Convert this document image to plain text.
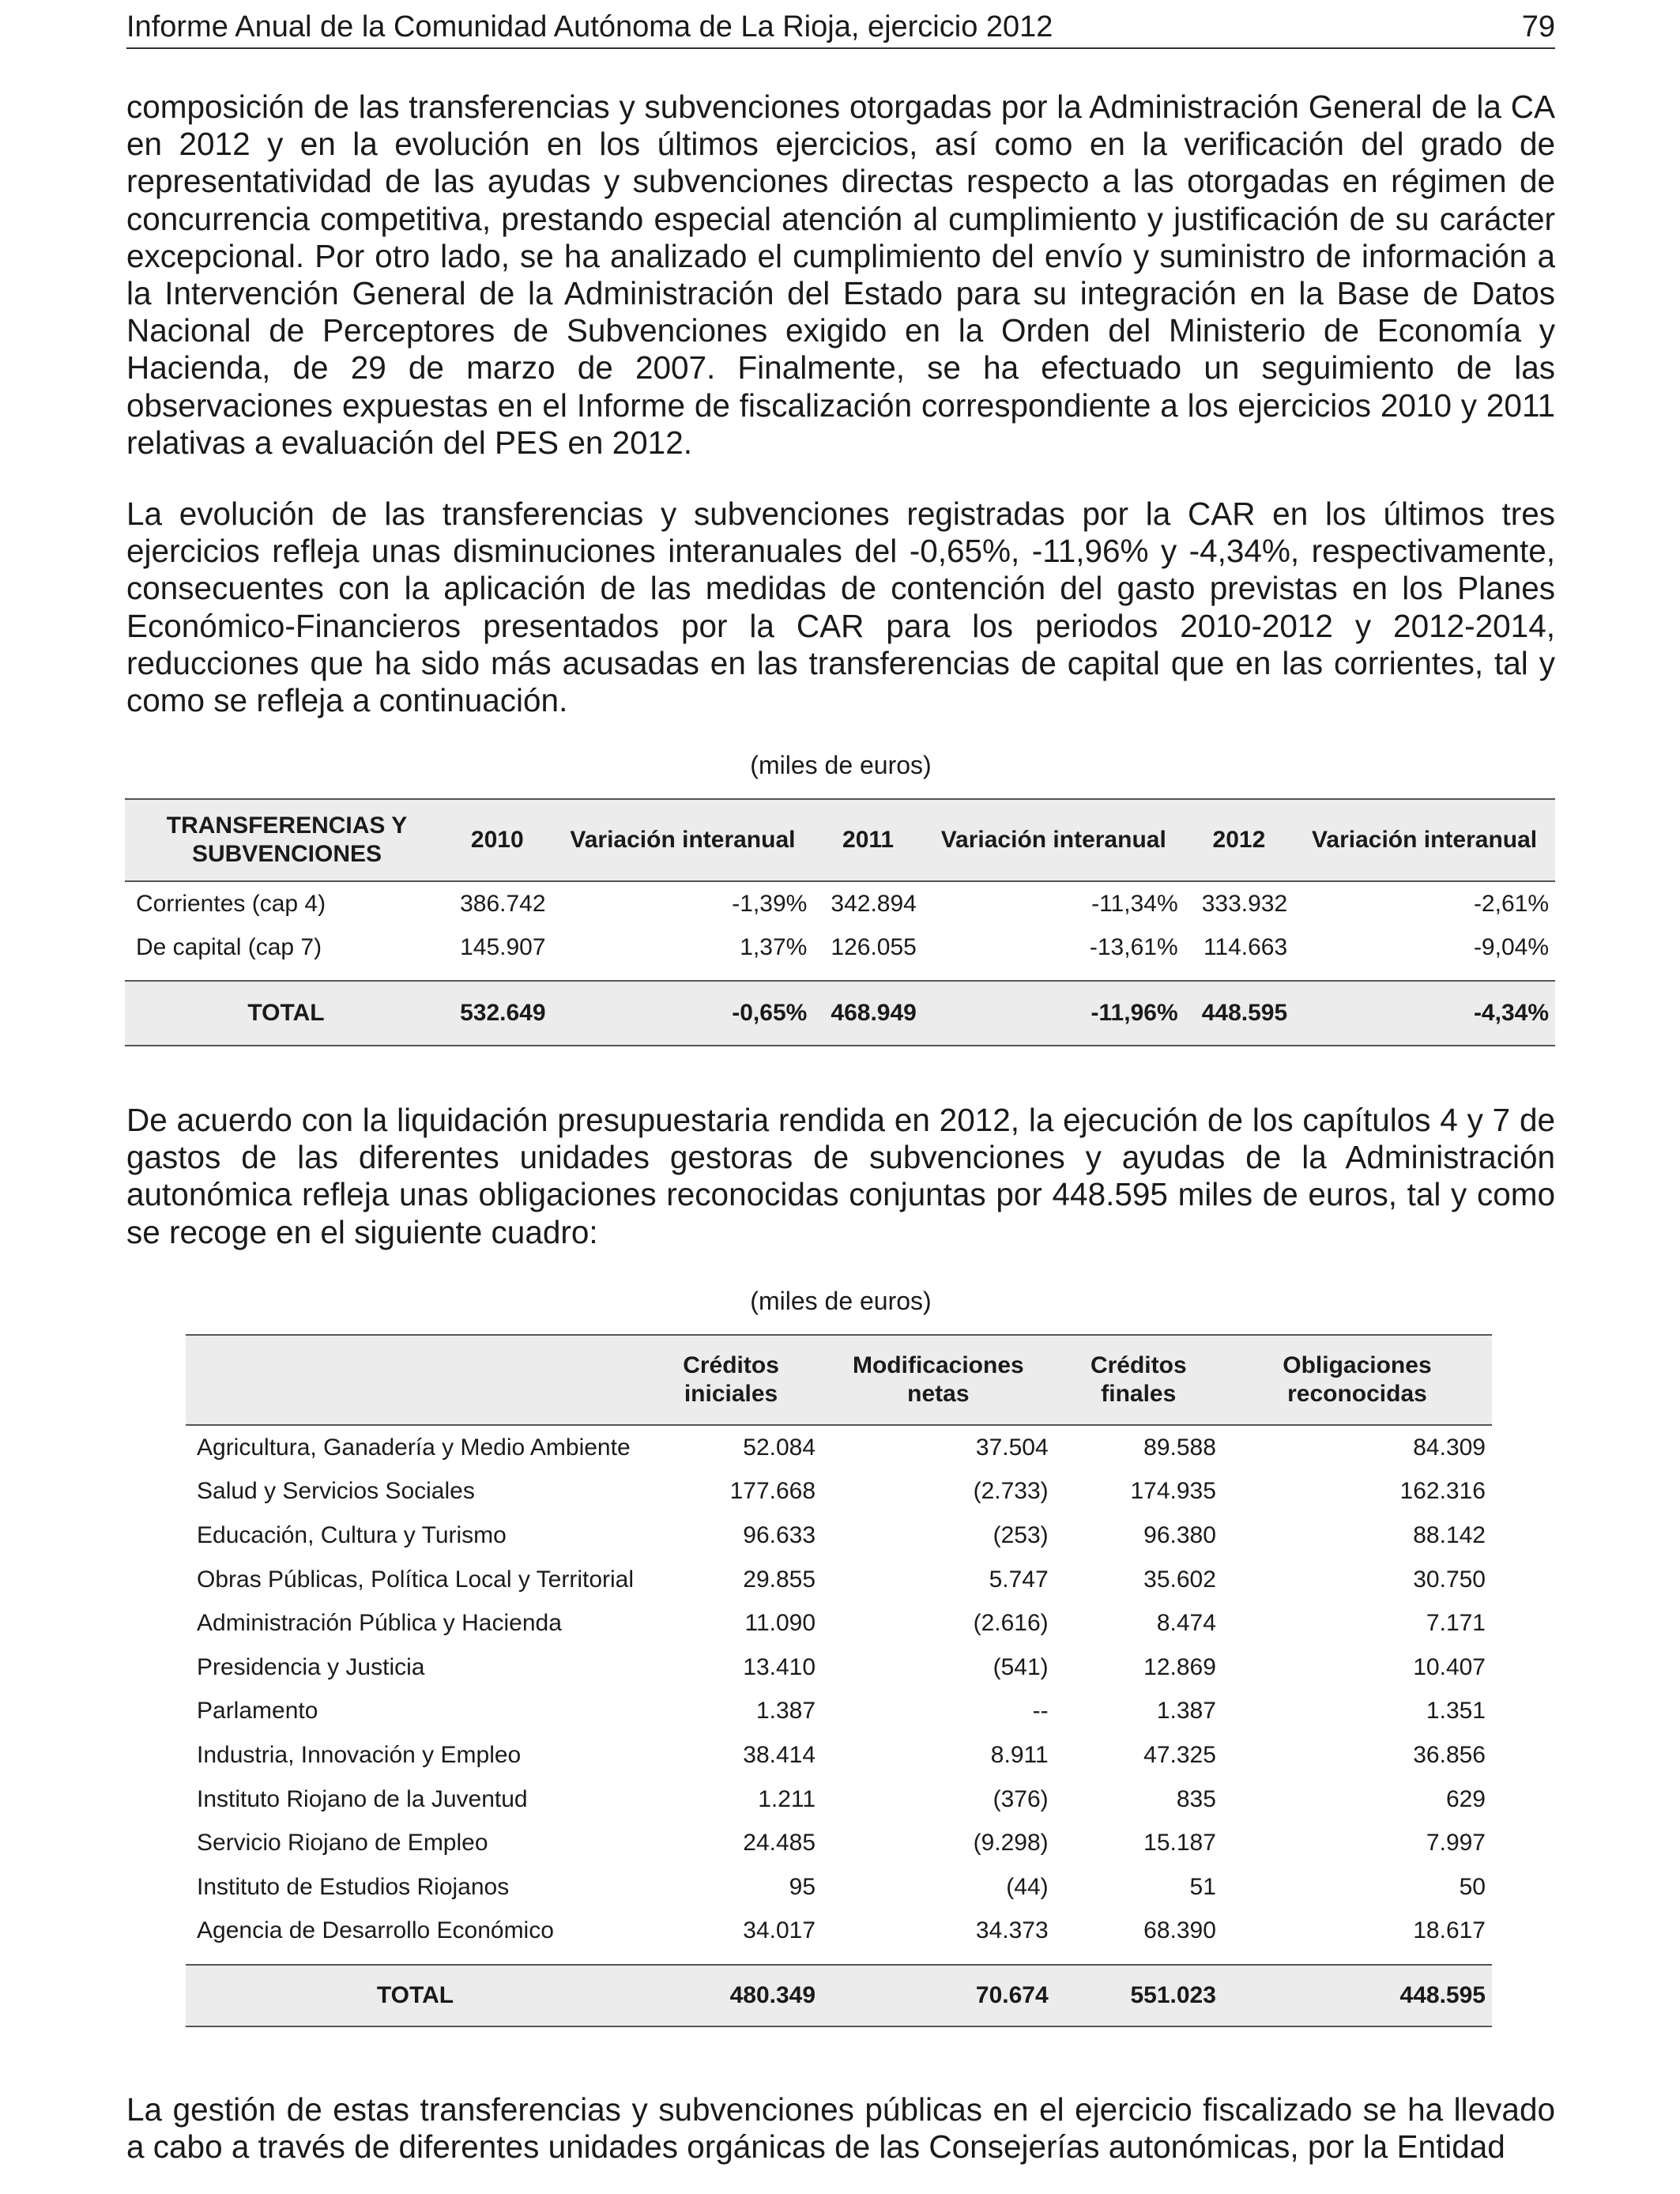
Informe Anual de la Comunidad Autónoma de La Rioja, ejercicio 2012	79

composición de las transferencias y subvenciones otorgadas por la Administración General de la CA en 2012 y en la evolución en los últimos ejercicios, así como en la verificación del grado de representatividad de las ayudas y subvenciones directas respecto a las otorgadas en régimen de concurrencia competitiva, prestando especial atención al cumplimiento y justificación de su carácter excepcional. Por otro lado, se ha analizado el cumplimiento del envío y suministro de información a la Intervención General de la Administración del Estado para su integración en la Base de Datos Nacional de Perceptores de Subvenciones exigido en la Orden del Ministerio de Economía y Hacienda, de 29 de marzo de 2007. Finalmente, se ha efectuado un seguimiento de las observaciones expuestas en el Informe de fiscalización correspondiente a los ejercicios 2010 y 2011 relativas a evaluación del PES en 2012.

La evolución de las transferencias y subvenciones registradas por la CAR en los últimos tres ejercicios refleja unas disminuciones interanuales del -0,65%, -11,96% y -4,34%, respectivamente, consecuentes con la aplicación de las medidas de contención del gasto previstas en los Planes Económico-Financieros presentados por la CAR para los periodos 2010-2012 y 2012-2014, reducciones que ha sido más acusadas en las transferencias de capital que en las corrientes, tal y como se refleja a continuación.

(miles de euros)
TRANSFERENCIAS Y SUBVENCIONES	2010	Variación interanual	2011	Variación interanual	2012	Variación interanual
Corrientes (cap 4)	386.742	-1,39%	342.894	-11,34%	333.932	-2,61%
De capital (cap 7)	145.907	1,37%	126.055	-13,61%	114.663	-9,04%

TOTAL	532.649	-0,65%	468.949	-11,96%	448.595	-4,34%

De acuerdo con la liquidación presupuestaria rendida en 2012, la ejecución de los capítulos 4 y 7 de gastos de las diferentes unidades gestoras de subvenciones y ayudas de la Administración autonómica refleja unas obligaciones reconocidas conjuntas por 448.595 miles de euros, tal y como se recoge en el siguiente cuadro:

(miles de euros)
	Créditos iniciales	Modificaciones netas	Créditos finales	Obligaciones reconocidas
Agricultura, Ganadería y Medio Ambiente	52.084	37.504	89.588	84.309
Salud y Servicios Sociales	177.668	(2.733)	174.935	162.316
Educación, Cultura y Turismo	96.633	(253)	96.380	88.142
Obras Públicas, Política Local y Territorial	29.855	5.747	35.602	30.750
Administración Pública y Hacienda	11.090	(2.616)	8.474	7.171
Presidencia y Justicia	13.410	(541)	12.869	10.407
Parlamento	1.387	--	1.387	1.351
Industria, Innovación y Empleo	38.414	8.911	47.325	36.856
Instituto Riojano de la Juventud	1.211	(376)	835	629
Servicio Riojano de Empleo	24.485	(9.298)	15.187	7.997
Instituto de Estudios Riojanos	95	(44)	51	50
Agencia de Desarrollo Económico	34.017	34.373	68.390	18.617

TOTAL	480.349	70.674	551.023	448.595

La gestión de estas transferencias y subvenciones públicas en el ejercicio fiscalizado se ha llevado a cabo a través de diferentes unidades orgánicas de las Consejerías autonómicas, por la Entidad
